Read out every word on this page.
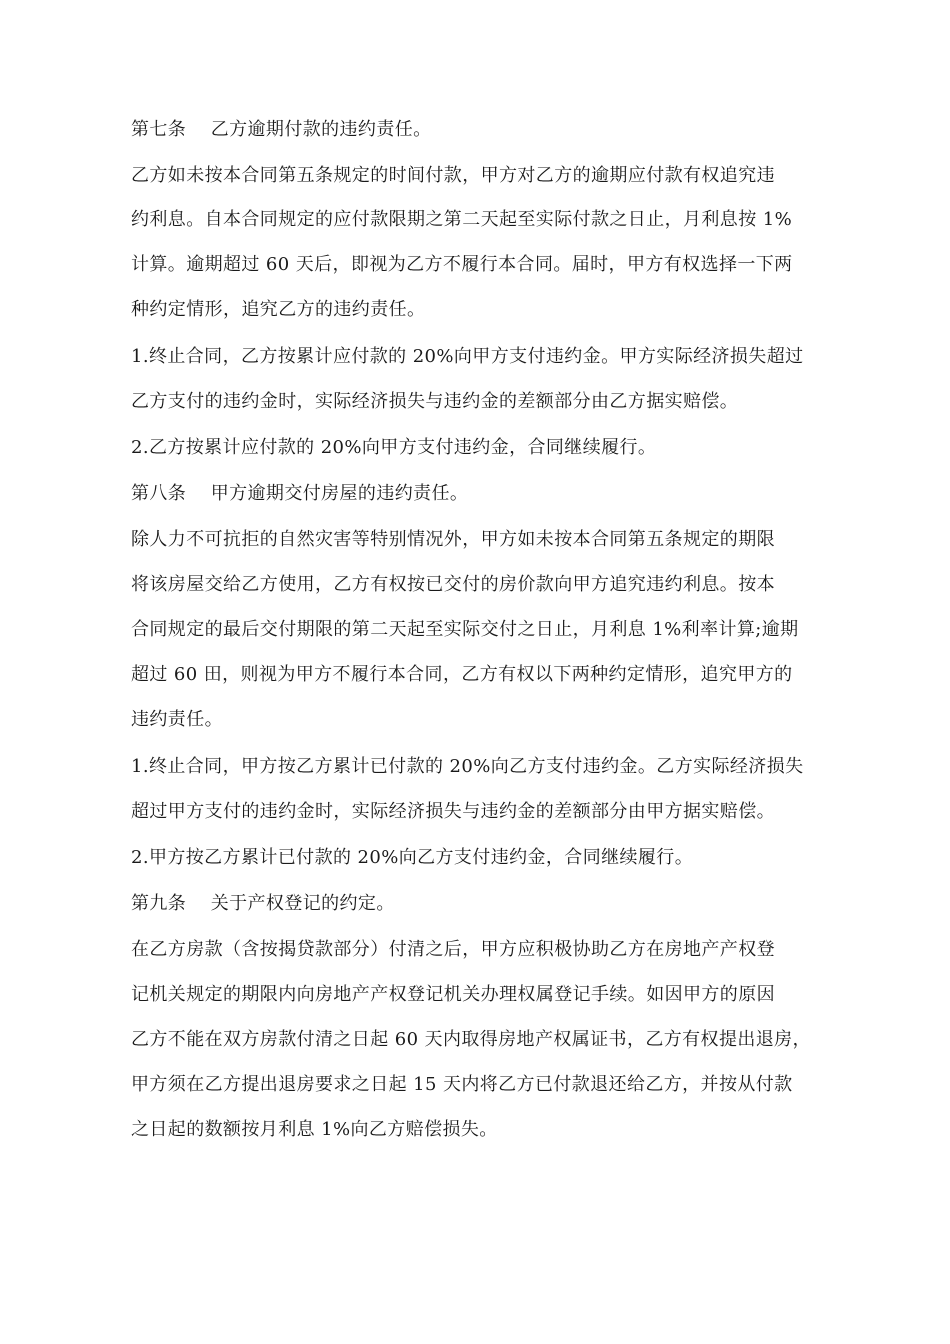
第七条　 乙方逾期付款的违约责任。
乙方如未按本合同第五条规定的时间付款，甲方对乙方的逾期应付款有权追究违
约利息。自本合同规定的应付款限期之第二天起至实际付款之日止，月利息按 1%
计算。逾期超过 60 天后，即视为乙方不履行本合同。届时，甲方有权选择一下两
种约定情形，追究乙方的违约责任。
1.终止合同，乙方按累计应付款的 20%向甲方支付违约金。甲方实际经济损失超过
乙方支付的违约金时，实际经济损失与违约金的差额部分由乙方据实赔偿。
2.乙方按累计应付款的 20%向甲方支付违约金，合同继续履行。
第八条　 甲方逾期交付房屋的违约责任。
除人力不可抗拒的自然灾害等特别情况外，甲方如未按本合同第五条规定的期限
将该房屋交给乙方使用，乙方有权按已交付的房价款向甲方追究违约利息。按本
合同规定的最后交付期限的第二天起至实际交付之日止，月利息 1%利率计算;逾期
超过 60 田，则视为甲方不履行本合同，乙方有权以下两种约定情形，追究甲方的
违约责任。
1.终止合同，甲方按乙方累计已付款的 20%向乙方支付违约金。乙方实际经济损失
超过甲方支付的违约金时，实际经济损失与违约金的差额部分由甲方据实赔偿。
2.甲方按乙方累计已付款的 20%向乙方支付违约金，合同继续履行。
第九条　 关于产权登记的约定。
在乙方房款（含按揭贷款部分）付清之后，甲方应积极协助乙方在房地产产权登
记机关规定的期限内向房地产产权登记机关办理权属登记手续。如因甲方的原因
乙方不能在双方房款付清之日起 60 天内取得房地产权属证书，乙方有权提出退房，
甲方须在乙方提出退房要求之日起 15 天内将乙方已付款退还给乙方，并按从付款
之日起的数额按月利息 1%向乙方赔偿损失。
